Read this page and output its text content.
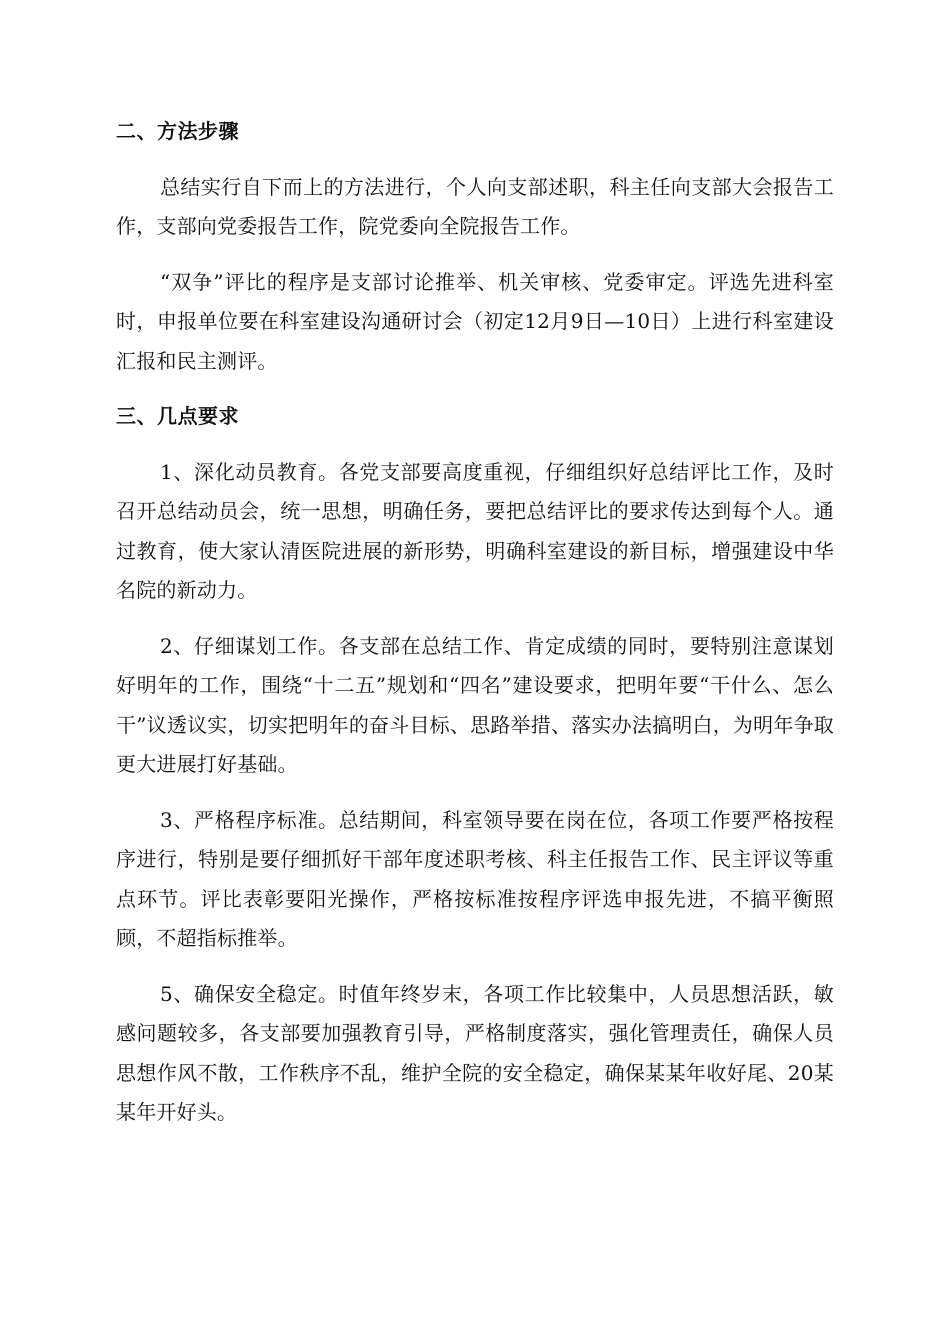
二、方法步骤

总结实行自下而上的方法进行，个人向支部述职，科主任向支部大会报告工作，支部向党委报告工作，院党委向全院报告工作。

“双争”评比的程序是支部讨论推举、机关审核、党委审定。评选先进科室时，申报单位要在科室建设沟通研讨会（初定12月9日—10日）上进行科室建设汇报和民主测评。

三、几点要求

1、深化动员教育。各党支部要高度重视，仔细组织好总结评比工作，及时召开总结动员会，统一思想，明确任务，要把总结评比的要求传达到每个人。通过教育，使大家认清医院进展的新形势，明确科室建设的新目标，增强建设中华名院的新动力。

2、仔细谋划工作。各支部在总结工作、肯定成绩的同时，要特别注意谋划好明年的工作，围绕“十二五”规划和“四名”建设要求，把明年要“干什么、怎么干”议透议实，切实把明年的奋斗目标、思路举措、落实办法搞明白，为明年争取更大进展打好基础。

3、严格程序标准。总结期间，科室领导要在岗在位，各项工作要严格按程序进行，特别是要仔细抓好干部年度述职考核、科主任报告工作、民主评议等重点环节。评比表彰要阳光操作，严格按标准按程序评选申报先进，不搞平衡照顾，不超指标推举。

5、确保安全稳定。时值年终岁末，各项工作比较集中，人员思想活跃，敏感问题较多，各支部要加强教育引导，严格制度落实，强化管理责任，确保人员思想作风不散，工作秩序不乱，维护全院的安全稳定，确保某某年收好尾、20某某年开好头。
